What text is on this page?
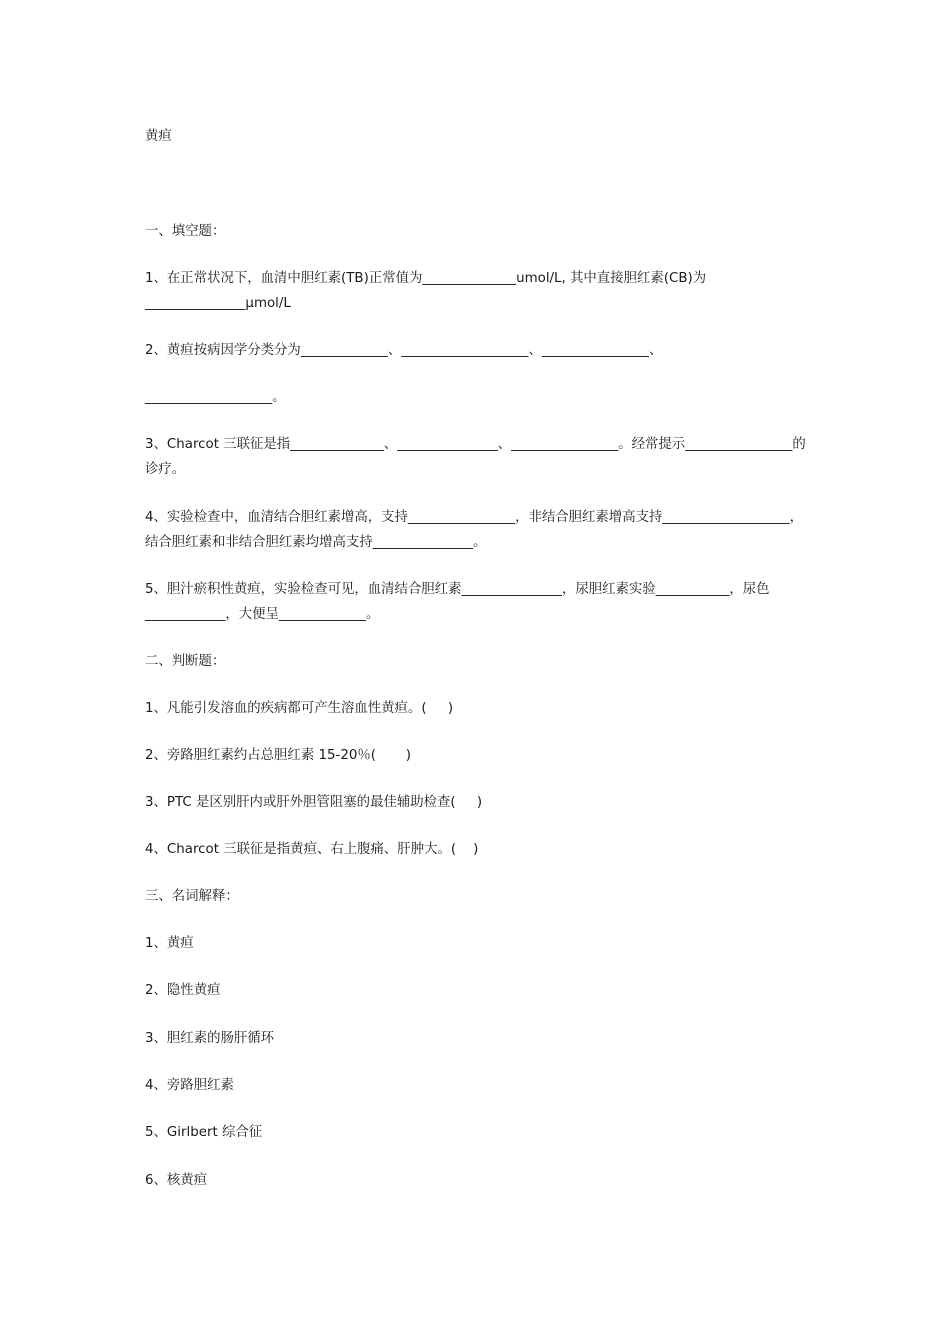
黄疸
一、填空题：
1、在正常状况下，血清中胆红素(TB)正常值为______________umol/L, 其中直接胆红素(CB)为_______________μmol/L
2、黄疸按病因学分类分为_____________、___________________、________________、
___________________。
3、Charcot 三联征是指______________、_______________、________________。经常提示________________的诊疗。
4、实验检查中，血清结合胆红素增高，支持________________，非结合胆红素增高支持___________________，结合胆红素和非结合胆红素均增高支持_______________。
5、胆汁瘀积性黄疸，实验检查可见，血清结合胆红素_______________，尿胆红素实验___________，尿色____________，大便呈_____________。
二、判断题：
1、凡能引发溶血的疾病都可产生溶血性黄疸。(     )
2、旁路胆红素约占总胆红素 15-20％(       )
3、PTC 是区别肝内或肝外胆管阻塞的最佳辅助检查(     )
4、Charcot 三联征是指黄疸、右上腹痛、肝肿大。(    )
三、名词解释：
1、黄疸
2、隐性黄疸
3、胆红素的肠肝循环
4、旁路胆红素
5、Girlbert 综合征
6、核黄疸
